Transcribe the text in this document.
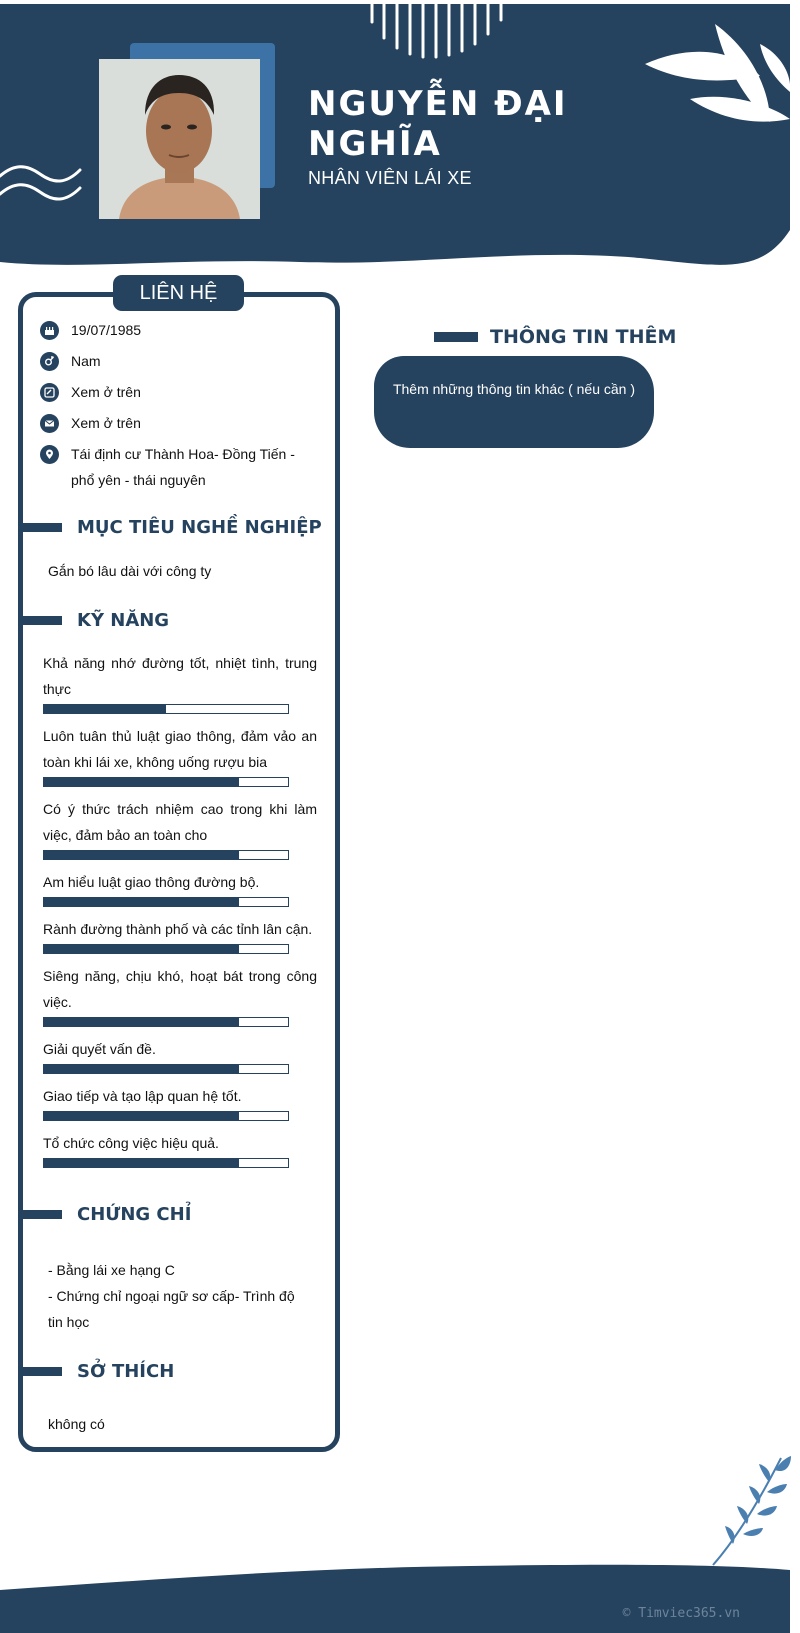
NGUYỄN ĐẠI NGHĨA
NHÂN VIÊN LÁI XE
LIÊN HỆ
19/07/1985
Nam
Xem ở trên
Xem ở trên
Tái định cư Thành Hoa- Đồng Tiến - phổ yên - thái nguyên
MỤC TIÊU NGHỀ NGHIỆP
Gắn bó lâu dài với công ty
KỸ NĂNG
Khả năng nhớ đường tốt, nhiệt tình, trung thực
Luôn tuân thủ luật giao thông, đảm vảo an toàn khi lái xe, không uống rượu bia
Có ý thức trách nhiệm cao trong khi làm việc, đảm bảo an toàn cho
Am hiểu luật giao thông đường bộ.
Rành đường thành phố và các tỉnh lân cận.
Siêng năng, chịu khó, hoạt bát trong công việc.
Giải quyết vấn đề.
Giao tiếp và tạo lập quan hệ tốt.
Tổ chức công việc hiệu quả.
CHỨNG CHỈ
- Bằng lái xe hạng C
- Chứng chỉ ngoại ngữ sơ cấp- Trình độ tin học
SỞ THÍCH
không có
THÔNG TIN THÊM
Thêm những thông tin khác ( nếu cần )
© Timviec365.vn
